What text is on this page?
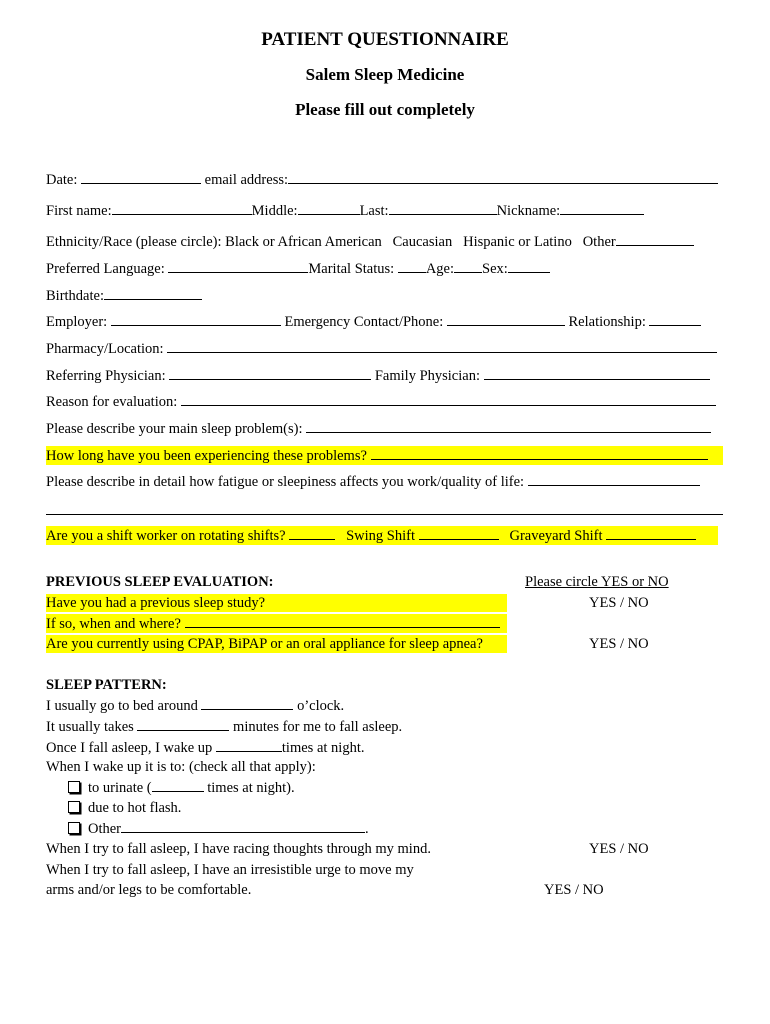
PATIENT QUESTIONNAIRE
Salem Sleep Medicine
Please fill out completely
Date:	email address:
First name:	Middle:	Last:	Nickname:
Ethnicity/Race (please circle): Black or African American   Caucasian   Hispanic or Latino   Other
Preferred Language:	Marital Status: Age: Sex:
Birthdate:
Employer:	Emergency Contact/Phone:	Relationship:
Pharmacy/Location:
Referring Physician:	Family Physician:
Reason for evaluation:
Please describe your main sleep problem(s):
How long have you been experiencing these problems?
Please describe in detail how fatigue or sleepiness affects you work/quality of life:
Are you a shift worker on rotating shifts?	Swing Shift	Graveyard Shift
PREVIOUS SLEEP EVALUATION:	Please circle YES or NO
Have you had a previous sleep study?	YES / NO
If so, when and where?
Are you currently using CPAP, BiPAP or an oral appliance for sleep apnea?	YES / NO
SLEEP PATTERN:
I usually go to bed around	o’clock.
It usually takes	minutes for me to fall asleep.
Once I fall asleep, I wake up	times at night.
When I wake up it is to: (check all that apply):
to urinate (	times at night).
due to hot flash.
Other	.
When I try to fall asleep, I have racing thoughts through my mind.	YES / NO
When I try to fall asleep, I have an irresistible urge to move my
arms and/or legs to be comfortable.	YES / NO
